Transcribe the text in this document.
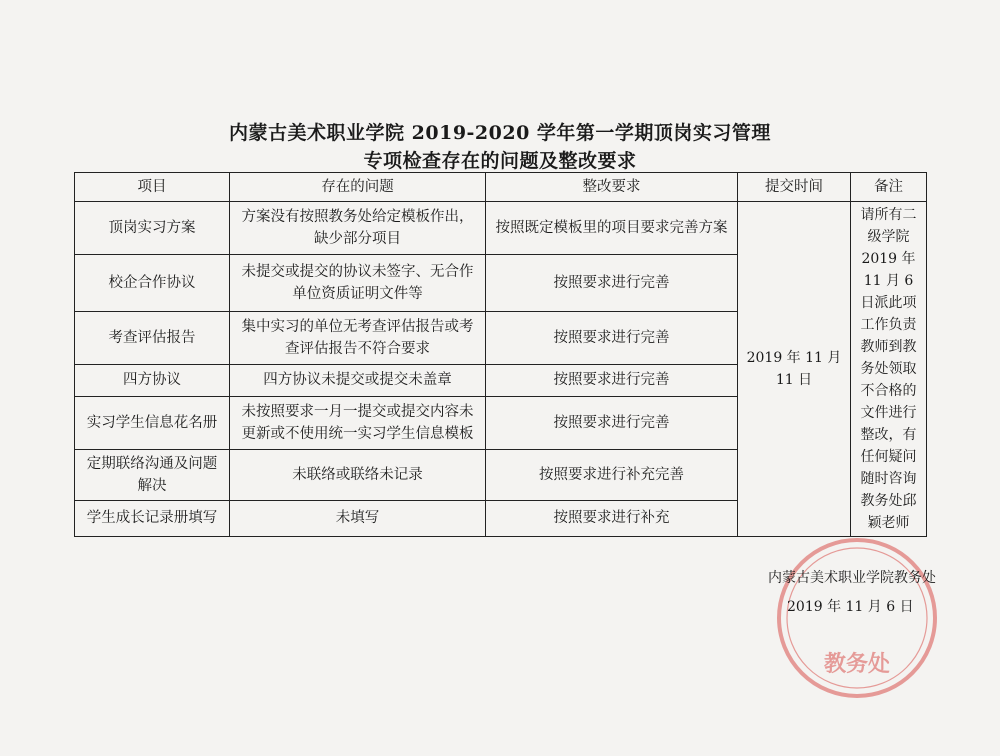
内蒙古美术职业学院 2019-2020 学年第一学期顶岗实习管理
专项检查存在的问题及整改要求
项目	存在的问题	整改要求	提交时间	备注
顶岗实习方案	方案没有按照教务处给定模板作出，缺少部分项目	按照既定模板里的项目要求完善方案	2019 年 11 月 11 日	请所有二级学院 2019 年 11 月 6 日派此项工作负责教师到教务处领取不合格的文件进行整改，有任何疑问随时咨询教务处邱颖老师
校企合作协议	未提交或提交的协议未签字、无合作单位资质证明文件等	按照要求进行完善		
考查评估报告	集中实习的单位无考查评估报告或考查评估报告不符合要求	按照要求进行完善		
四方协议	四方协议未提交或提交未盖章	按照要求进行完善		
实习学生信息花名册	未按照要求一月一提交或提交内容未更新或不使用统一实习学生信息模板	按照要求进行完善		
定期联络沟通及问题解决	未联络或联络未记录	按照要求进行补充完善		
学生成长记录册填写	未填写	按照要求进行补充		
教务处
内蒙古美术职业学院教务处
2019 年 11 月 6 日
